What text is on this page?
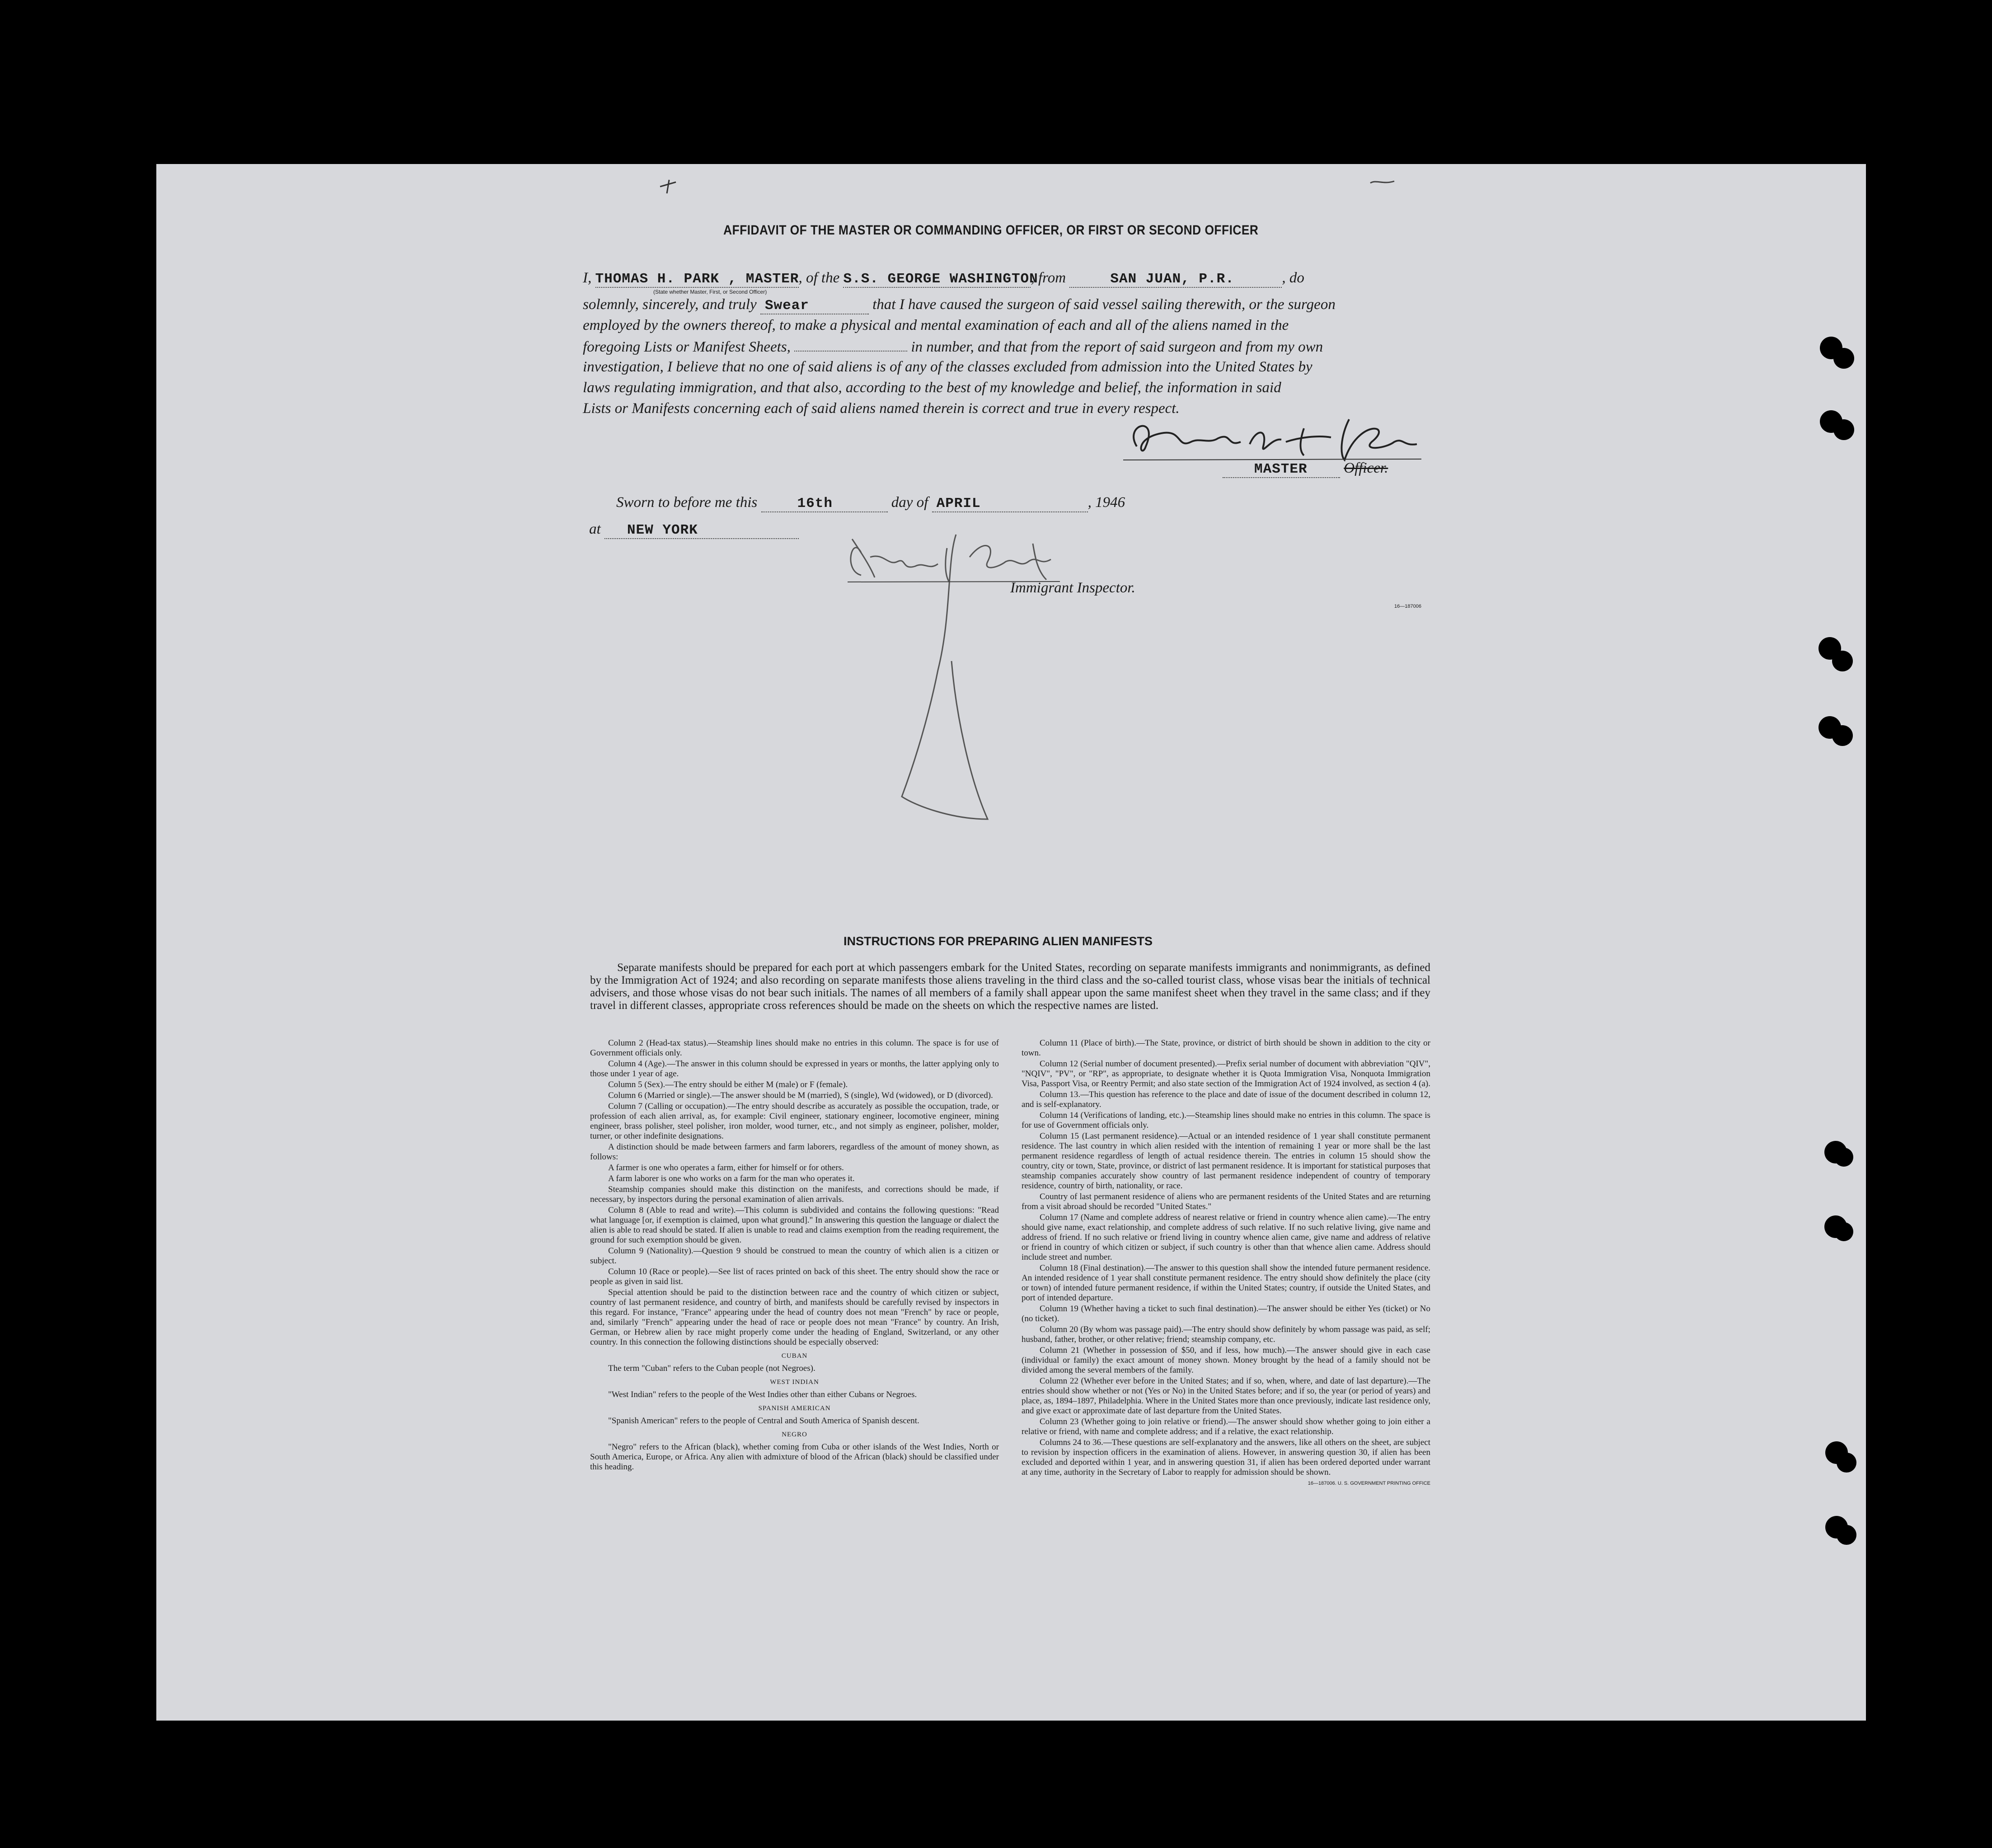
AFFIDAVIT OF THE MASTER OR COMMANDING OFFICER, OR FIRST OR SECOND OFFICER
I, THOMAS H. PARK , MASTER, of the S.S. GEORGE WASHINGTON, from	SAN JUAN, P.R.	, do
(State whether Master, First, or Second Officer)
solemnly, sincerely, and truly Swear	that I have caused the surgeon of said vessel sailing therewith, or the surgeon
employed by the owners thereof, to make a physical and mental examination of each and all of the aliens named in the
foregoing Lists or Manifest Sheets,	in number, and that from the report of said surgeon and from my own
investigation, I believe that no one of said aliens is of any of the classes excluded from admission into the United States by
laws regulating immigration, and that also, according to the best of my knowledge and belief, the information in said
Lists or Manifests concerning each of said aliens named therein is correct and true in every respect.
MASTER Officer.
Sworn to before me this	16th	day of APRIL	, 1946
at NEW YORK
Immigrant Inspector.
16—187006
INSTRUCTIONS FOR PREPARING ALIEN MANIFESTS
Separate manifests should be prepared for each port at which passengers embark for the United States, recording on separate manifests immigrants and nonimmigrants, as defined by the Immigration Act of 1924; and also recording on separate manifests those aliens traveling in the third class and the so-called tourist class, whose visas bear the initials of technical advisers, and those whose visas do not bear such initials. The names of all members of a family shall appear upon the same manifest sheet when they travel in the same class; and if they travel in different classes, appropriate cross references should be made on the sheets on which the respective names are listed.

Column 2 (Head-tax status).—Steamship lines should make no entries in this column. The space is for use of Government officials only.

Column 4 (Age).—The answer in this column should be expressed in years or months, the latter applying only to those under 1 year of age.

Column 5 (Sex).—The entry should be either M (male) or F (female).

Column 6 (Married or single).—The answer should be M (married), S (single), Wd (widowed), or D (divorced).

Column 7 (Calling or occupation).—The entry should describe as accurately as possible the occupation, trade, or profession of each alien arrival, as, for example: Civil engineer, stationary engineer, locomotive engineer, mining engineer, brass polisher, steel polisher, iron molder, wood turner, etc., and not simply as engineer, polisher, molder, turner, or other indefinite designations.

A distinction should be made between farmers and farm laborers, regardless of the amount of money shown, as follows:

A farmer is one who operates a farm, either for himself or for others.

A farm laborer is one who works on a farm for the man who operates it.

Steamship companies should make this distinction on the manifests, and corrections should be made, if necessary, by inspectors during the personal examination of alien arrivals.

Column 8 (Able to read and write).—This column is subdivided and contains the following questions: "Read what language [or, if exemption is claimed, upon what ground]." In answering this question the language or dialect the alien is able to read should be stated. If alien is unable to read and claims exemption from the reading requirement, the ground for such exemption should be given.

Column 9 (Nationality).—Question 9 should be construed to mean the country of which alien is a citizen or subject.

Column 10 (Race or people).—See list of races printed on back of this sheet. The entry should show the race or people as given in said list.

Special attention should be paid to the distinction between race and the country of which citizen or subject, country of last permanent residence, and country of birth, and manifests should be carefully revised by inspectors in this regard. For instance, "France" appearing under the head of country does not mean "French" by race or people, and, similarly "French" appearing under the head of race or people does not mean "France" by country. An Irish, German, or Hebrew alien by race might properly come under the heading of England, Switzerland, or any other country. In this connection the following distinctions should be especially observed:

CUBAN

The term "Cuban" refers to the Cuban people (not Negroes).

WEST INDIAN

"West Indian" refers to the people of the West Indies other than either Cubans or Negroes.

SPANISH AMERICAN

"Spanish American" refers to the people of Central and South America of Spanish descent.

NEGRO

"Negro" refers to the African (black), whether coming from Cuba or other islands of the West Indies, North or South America, Europe, or Africa. Any alien with admixture of blood of the African (black) should be classified under this heading.

Column 11 (Place of birth).—The State, province, or district of birth should be shown in addition to the city or town.

Column 12 (Serial number of document presented).—Prefix serial number of document with abbreviation "QIV", "NQIV", "PV", or "RP", as appropriate, to designate whether it is Quota Immigration Visa, Nonquota Immigration Visa, Passport Visa, or Reentry Permit; and also state section of the Immigration Act of 1924 involved, as section 4 (a).

Column 13.—This question has reference to the place and date of issue of the document described in column 12, and is self-explanatory.

Column 14 (Verifications of landing, etc.).—Steamship lines should make no entries in this column. The space is for use of Government officials only.

Column 15 (Last permanent residence).—Actual or an intended residence of 1 year shall constitute permanent residence. The last country in which alien resided with the intention of remaining 1 year or more shall be the last permanent residence regardless of length of actual residence therein. The entries in column 15 should show the country, city or town, State, province, or district of last permanent residence. It is important for statistical purposes that steamship companies accurately show country of last permanent residence independent of country of temporary residence, country of birth, nationality, or race.

Country of last permanent residence of aliens who are permanent residents of the United States and are returning from a visit abroad should be recorded "United States."

Column 17 (Name and complete address of nearest relative or friend in country whence alien came).—The entry should give name, exact relationship, and complete address of such relative. If no such relative living, give name and address of friend. If no such relative or friend living in country whence alien came, give name and address of relative or friend in country of which citizen or subject, if such country is other than that whence alien came. Address should include street and number.

Column 18 (Final destination).—The answer to this question shall show the intended future permanent residence. An intended residence of 1 year shall constitute permanent residence. The entry should show definitely the place (city or town) of intended future permanent residence, if within the United States; country, if outside the United States, and port of intended departure.

Column 19 (Whether having a ticket to such final destination).—The answer should be either Yes (ticket) or No (no ticket).

Column 20 (By whom was passage paid).—The entry should show definitely by whom passage was paid, as self; husband, father, brother, or other relative; friend; steamship company, etc.

Column 21 (Whether in possession of $50, and if less, how much).—The answer should give in each case (individual or family) the exact amount of money shown. Money brought by the head of a family should not be divided among the several members of the family.

Column 22 (Whether ever before in the United States; and if so, when, where, and date of last departure).—The entries should show whether or not (Yes or No) in the United States before; and if so, the year (or period of years) and place, as, 1894–1897, Philadelphia. Where in the United States more than once previously, indicate last residence only, and give exact or approximate date of last departure from the United States.

Column 23 (Whether going to join relative or friend).—The answer should show whether going to join either a relative or friend, with name and complete address; and if a relative, the exact relationship.

Columns 24 to 36.—These questions are self-explanatory and the answers, like all others on the sheet, are subject to revision by inspection officers in the examination of aliens. However, in answering question 30, if alien has been excluded and deported within 1 year, and in answering question 31, if alien has been ordered deported under warrant at any time, authority in the Secretary of Labor to reapply for admission should be shown.

16—187006. U. S. GOVERNMENT PRINTING OFFICE
